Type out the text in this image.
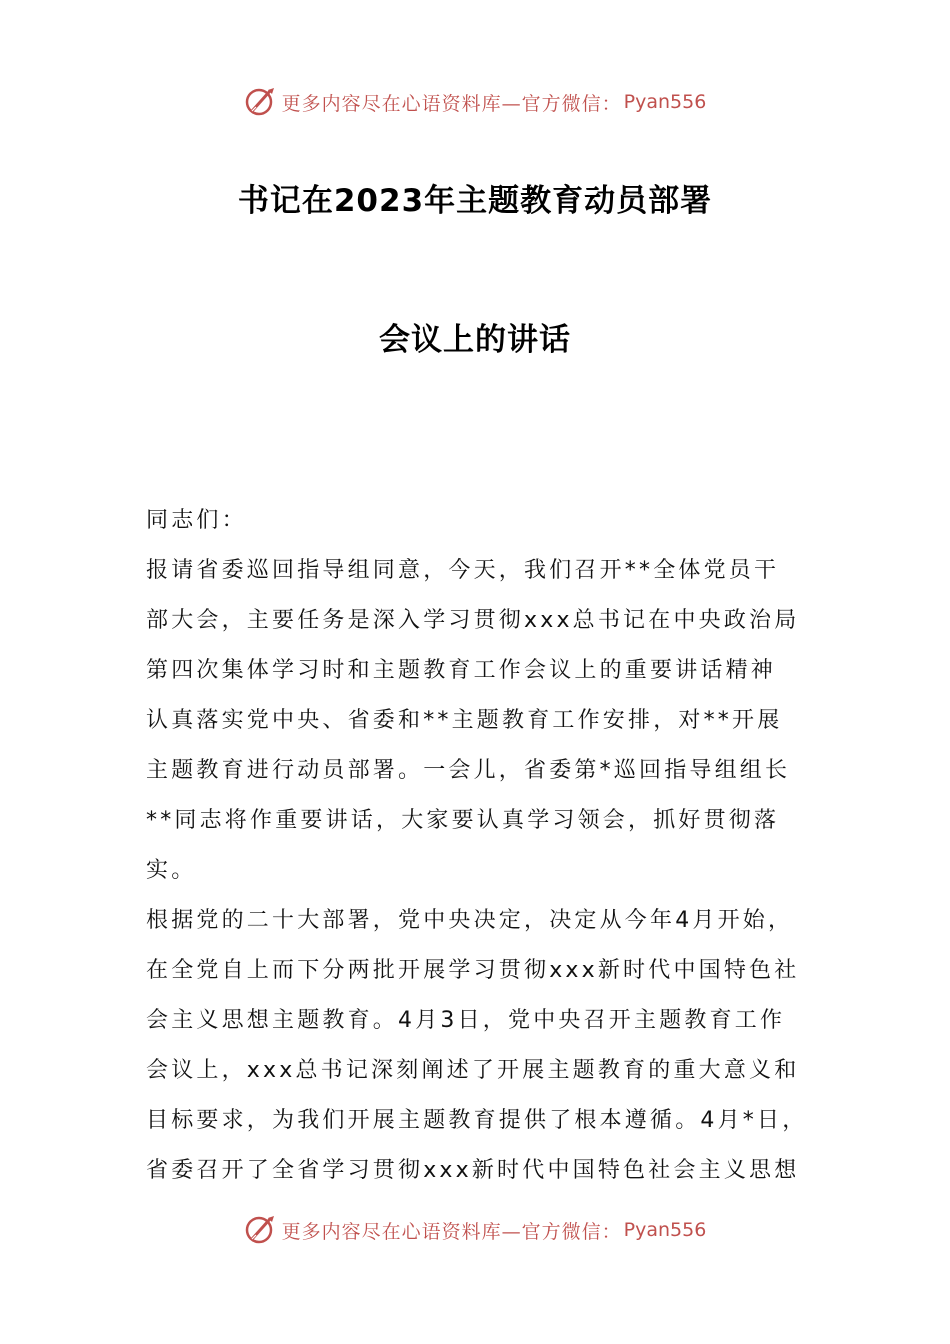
更多内容尽在心语资料库—官方微信： Pyan556
书记在2023年主题教育动员部署
会议上的讲话
同志们：
报请省委巡回指导组同意，今天，我们召开**全体党员干
部大会，主要任务是深入学习贯彻xxx总书记在中央政治局
第四次集体学习时和主题教育工作会议上的重要讲话精神
认真落实党中央、省委和**主题教育工作安排，对**开展
主题教育进行动员部署。一会儿，省委第*巡回指导组组长
**同志将作重要讲话，大家要认真学习领会，抓好贯彻落
实。
根据党的二十大部署，党中央决定，决定从今年4月开始，
在全党自上而下分两批开展学习贯彻xxx新时代中国特色社
会主义思想主题教育。4月3日，党中央召开主题教育工作
会议上，xxx总书记深刻阐述了开展主题教育的重大意义和
目标要求，为我们开展主题教育提供了根本遵循。4月*日，
省委召开了全省学习贯彻xxx新时代中国特色社会主义思想
更多内容尽在心语资料库—官方微信： Pyan556
